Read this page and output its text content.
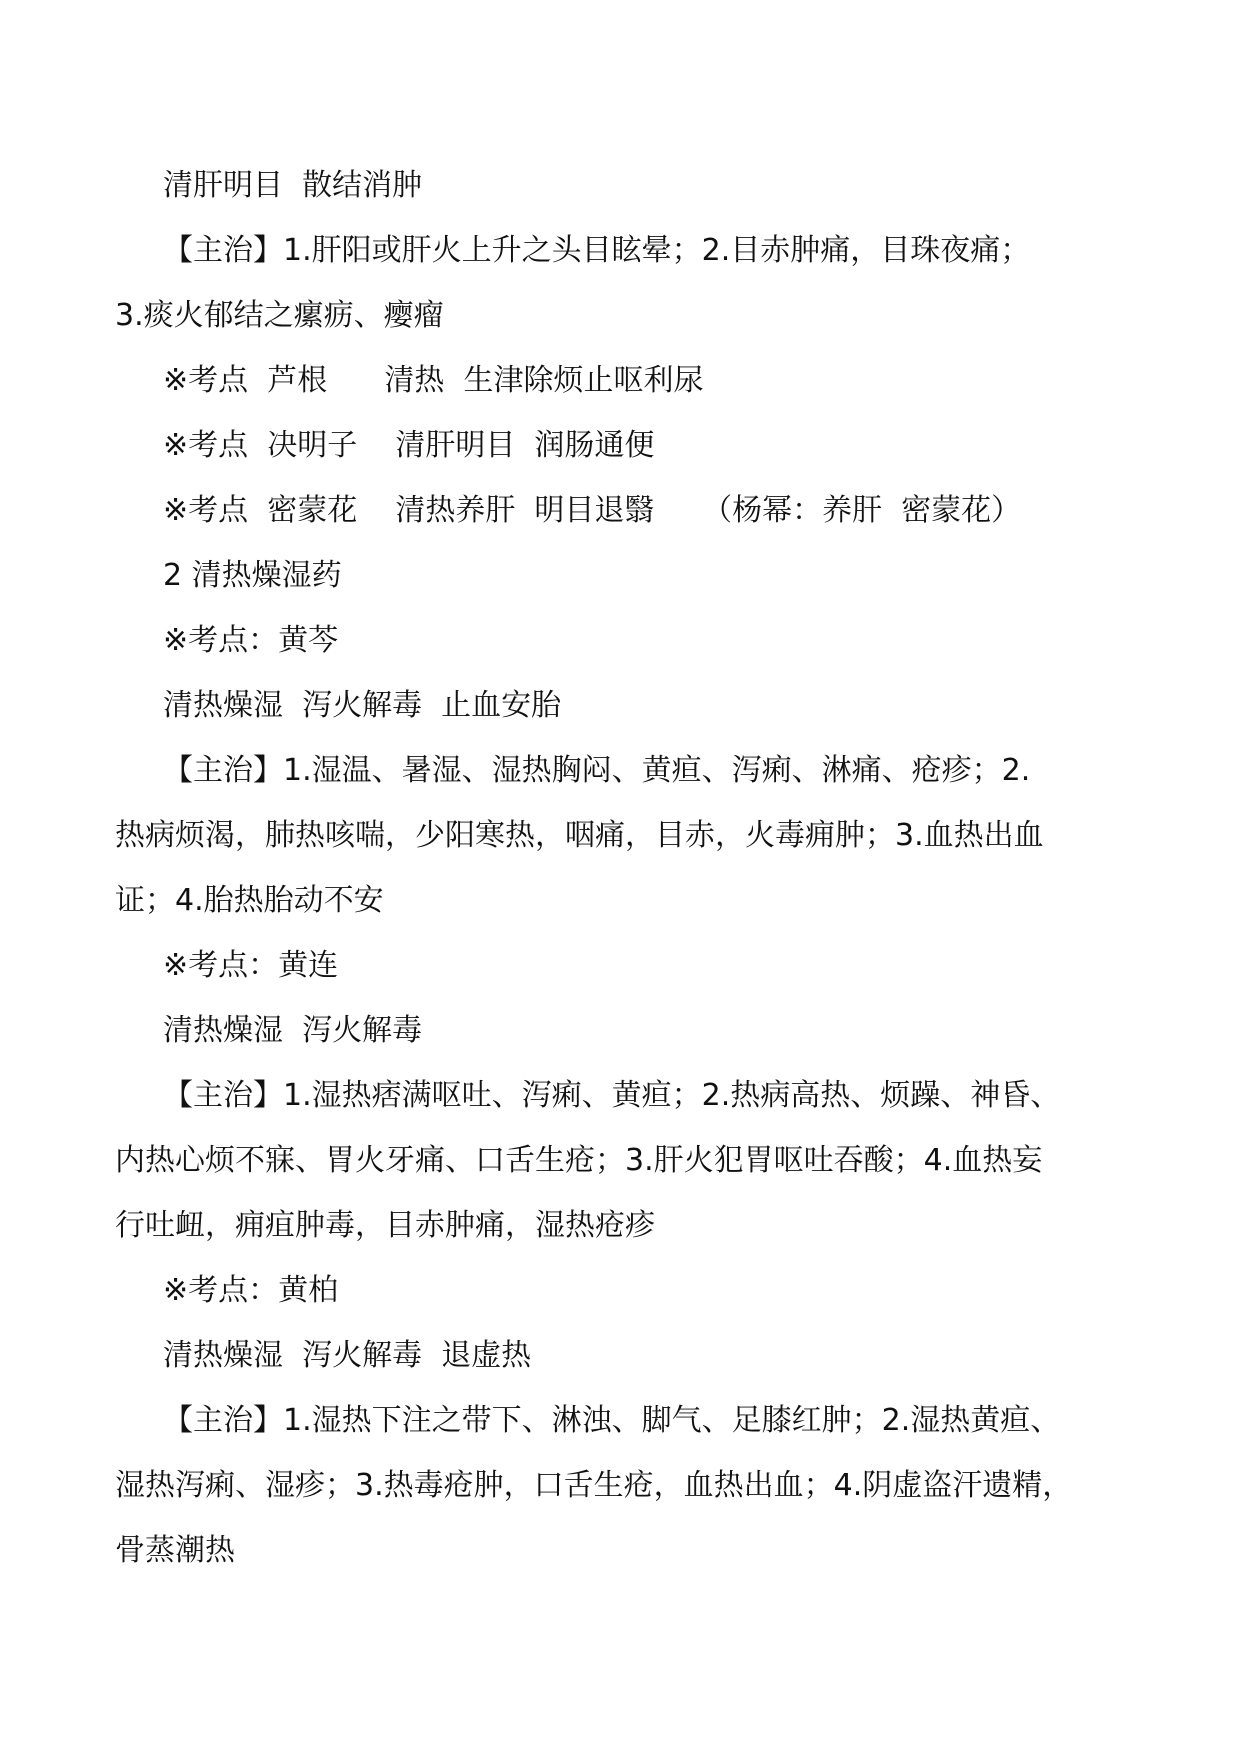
清肝明目  散结消肿
【主治】1.肝阳或肝火上升之头目眩晕；2.目赤肿痛，目珠夜痛；
3.痰火郁结之瘰疬、瘿瘤
※考点  芦根      清热  生津除烦止呕利尿
※考点  决明子    清肝明目  润肠通便
※考点  密蒙花    清热养肝  明目退翳     （杨幂：养肝  密蒙花）
2 清热燥湿药
※考点：黄芩
清热燥湿  泻火解毒  止血安胎
【主治】1.湿温、暑湿、湿热胸闷、黄疸、泻痢、淋痛、疮疹；2.
热病烦渴，肺热咳喘，少阳寒热，咽痛，目赤，火毒痈肿；3.血热出血
证；4.胎热胎动不安
※考点：黄连
清热燥湿  泻火解毒
【主治】1.湿热痞满呕吐、泻痢、黄疸；2.热病高热、烦躁、神昏、
内热心烦不寐、胃火牙痛、口舌生疮；3.肝火犯胃呕吐吞酸；4.血热妄
行吐衄，痈疽肿毒，目赤肿痛，湿热疮疹
※考点：黄柏
清热燥湿  泻火解毒  退虚热
【主治】1.湿热下注之带下、淋浊、脚气、足膝红肿；2.湿热黄疸、
湿热泻痢、湿疹；3.热毒疮肿，口舌生疮，血热出血；4.阴虚盗汗遗精，
骨蒸潮热
